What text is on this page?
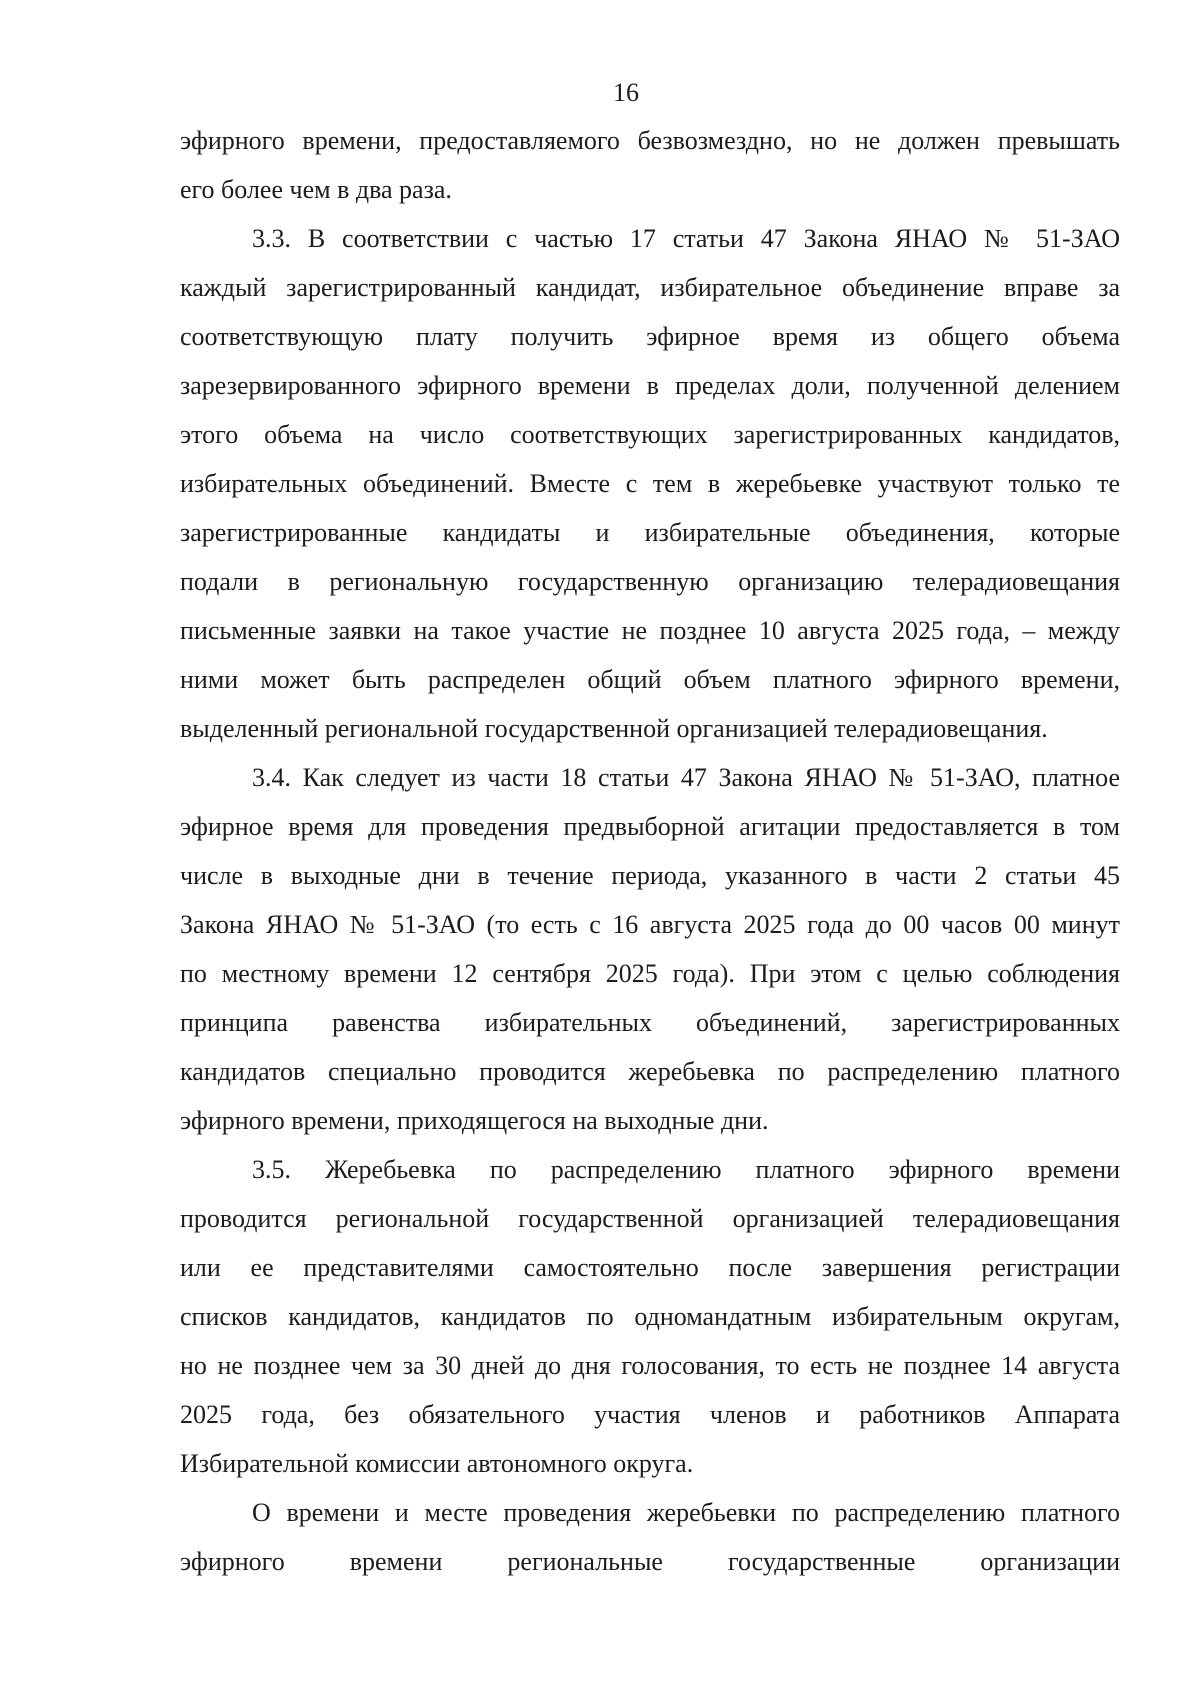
16
эфирного времени, предоставляемого безвозмездно, но не должен превышать
его более чем в два раза.
3.3. В соответствии с частью 17 статьи 47 Закона ЯНАО № 51-ЗАО
каждый зарегистрированный кандидат, избирательное объединение вправе за
соответствующую плату получить эфирное время из общего объема
зарезервированного эфирного времени в пределах доли, полученной делением
этого объема на число соответствующих зарегистрированных кандидатов,
избирательных объединений. Вместе с тем в жеребьевке участвуют только те
зарегистрированные кандидаты и избирательные объединения, которые
подали в региональную государственную организацию телерадиовещания
письменные заявки на такое участие не позднее 10 августа 2025 года, – между
ними может быть распределен общий объем платного эфирного времени,
выделенный региональной государственной организацией телерадиовещания.
3.4. Как следует из части 18 статьи 47 Закона ЯНАО № 51-ЗАО, платное
эфирное время для проведения предвыборной агитации предоставляется в том
числе в выходные дни в течение периода, указанного в части 2 статьи 45
Закона ЯНАО № 51-ЗАО (то есть с 16 августа 2025 года до 00 часов 00 минут
по местному времени 12 сентября 2025 года). При этом с целью соблюдения
принципа равенства избирательных объединений, зарегистрированных
кандидатов специально проводится жеребьевка по распределению платного
эфирного времени, приходящегося на выходные дни.
3.5. Жеребьевка по распределению платного эфирного времени
проводится региональной государственной организацией телерадиовещания
или ее представителями самостоятельно после завершения регистрации
списков кандидатов, кандидатов по одномандатным избирательным округам,
но не позднее чем за 30 дней до дня голосования, то есть не позднее 14 августа
2025 года, без обязательного участия членов и работников Аппарата
Избирательной комиссии автономного округа.
О времени и месте проведения жеребьевки по распределению платного
эфирного времени региональные государственные организации
